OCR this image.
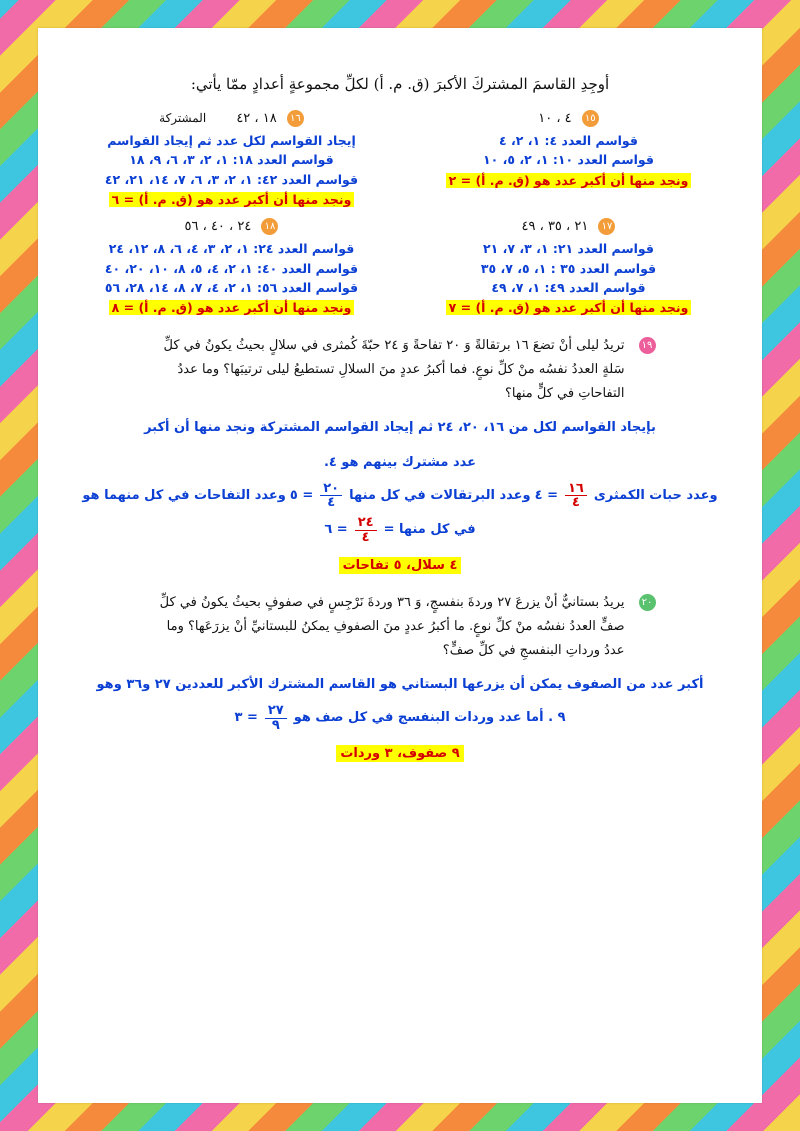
أوجِدِ القاسمَ المشتركَ الأكبرَ (ق. م. أ) لكلِّ مجموعةٍ أعدادٍ ممّا يأتي:
١٥ ٤ ، ١٠
قواسم العدد ٤: ١، ٢، ٤
قواسم العدد ١٠: ١، ٢، ٥، ١٠
ونجد منها أن أكبر عدد هو (ق. م. أ) = ٢
١٦ ١٨ ، ٤٢ المشتركة
إيجاد القواسم لكل عدد ثم إيجاد القواسم
قواسم العدد ١٨: ١، ٢، ٣، ٦، ٩، ١٨
قواسم العدد ٤٢: ١، ٢، ٣، ٦، ٧، ١٤، ٢١، ٤٢
ونجد منها أن أكبر عدد هو (ق. م. أ) = ٦
١٧ ٢١ ، ٣٥ ، ٤٩
قواسم العدد ٢١: ١، ٣، ٧، ٢١
قواسم العدد ٣٥ : ١، ٥، ٧، ٣٥
قواسم العدد ٤٩: ١، ٧، ٤٩
ونجد منها أن أكبر عدد هو (ق. م. أ) = ٧
١٨ ٢٤ ، ٤٠ ، ٥٦
قواسم العدد ٢٤: ١، ٢، ٣، ٤، ٦، ٨، ١٢، ٢٤
قواسم العدد ٤٠: ١، ٢، ٤، ٥، ٨، ١٠، ٢٠، ٤٠
قواسم العدد ٥٦: ١، ٢، ٤، ٧، ٨، ١٤، ٢٨، ٥٦
ونجد منها أن أكبر عدد هو (ق. م. أ) = ٨
١٩
تريدُ ليلى أنْ تضعَ ١٦ برتقالةً وَ ٢٠ تفاحةً وَ ٢٤ حبّةَ كُمثرى في سلالٍ بحيثُ يكونُ في كلِّ سَلةٍ العددُ نفسُه منْ كلِّ نوعٍ. فما أكبرُ عددٍ منَ السلالِ تستطيعُ ليلى ترتيبَها؟ وما عددُ التفاحاتِ في كلٍّ منها؟
بإيجاد القواسم لكل من ١٦، ٢٠، ٢٤ ثم إيجاد القواسم المشتركة ونجد منها أن أكبر
عدد مشترك بينهم هو ٤.
وعدد حبات الكمثرى
$\frac{١٦}{٤}$
= ٤
وعدد البرتقالات في كل منها
$\frac{٢٠}{٤}$
= ٥
وعدد التفاحات في كل منهما هو
في كل منها =
$\frac{٢٤}{٤}$
= ٦
٤ سلال، ٥ تفاحات
٢٠
يريدُ بستانيٌّ أنْ يزرعَ ٢٧ وردةَ بنفسجٍ، وَ ٣٦ وردةَ نَرْجِسٍ في صفوفٍ بحيثُ يكونُ في كلِّ صفٍّ العددُ نفسُه منْ كلِّ نوعٍ. ما أكبرُ عددٍ منَ الصفوفِ يمكنُ للبستانيِّ أنْ يزرَعَها؟ وما عددُ ورداتِ البنفسجِ في كلِّ صفٍّ؟
أكبر عدد من الصفوف يمكن أن يزرعها البستاني هو القاسم المشترك الأكبر للعددين ٢٧ و٣٦ وهو
٩ . أما عدد وردات البنفسج في كل صف هو
$\frac{٢٧}{٩}$
= ٣
٩ صفوف، ٣ وردات
